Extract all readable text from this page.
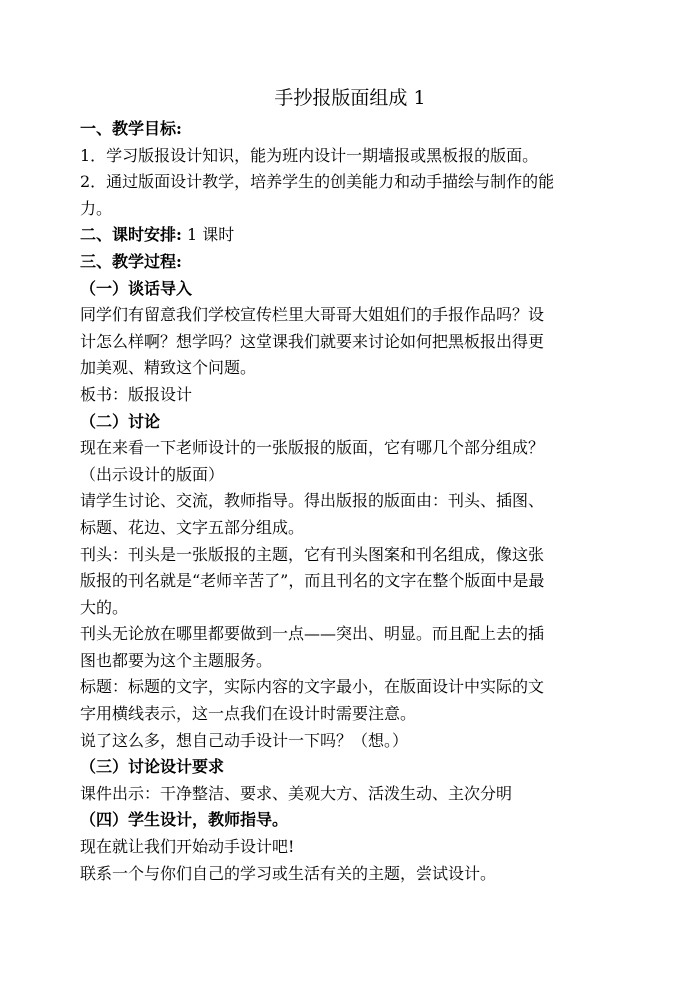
手抄报版面组成 1

一、教学目标:

1．学习版报设计知识，能为班内设计一期墙报或黑板报的版面。

2．通过版面设计教学，培养学生的创美能力和动手描绘与制作的能

力。

二、课时安排: 1 课时

三、教学过程:

（一）谈话导入

同学们有留意我们学校宣传栏里大哥哥大姐姐们的手报作品吗？设

计怎么样啊？想学吗？这堂课我们就要来讨论如何把黑板报出得更

加美观、精致这个问题。

板书：版报设计

（二）讨论

现在来看一下老师设计的一张版报的版面，它有哪几个部分组成？

（出示设计的版面）

请学生讨论、交流，教师指导。得出版报的版面由：刊头、插图、

标题、花边、文字五部分组成。

刊头：刊头是一张版报的主题，它有刊头图案和刊名组成，像这张

版报的刊名就是“老师辛苦了”，而且刊名的文字在整个版面中是最

大的。

刊头无论放在哪里都要做到一点——突出、明显。而且配上去的插

图也都要为这个主题服务。

标题：标题的文字，实际内容的文字最小，在版面设计中实际的文

字用横线表示，这一点我们在设计时需要注意。

说了这么多，想自己动手设计一下吗？（想。）

（三）讨论设计要求

课件出示：干净整洁、要求、美观大方、活泼生动、主次分明

（四）学生设计，教师指导。

现在就让我们开始动手设计吧!

联系一个与你们自己的学习或生活有关的主题，尝试设计。
